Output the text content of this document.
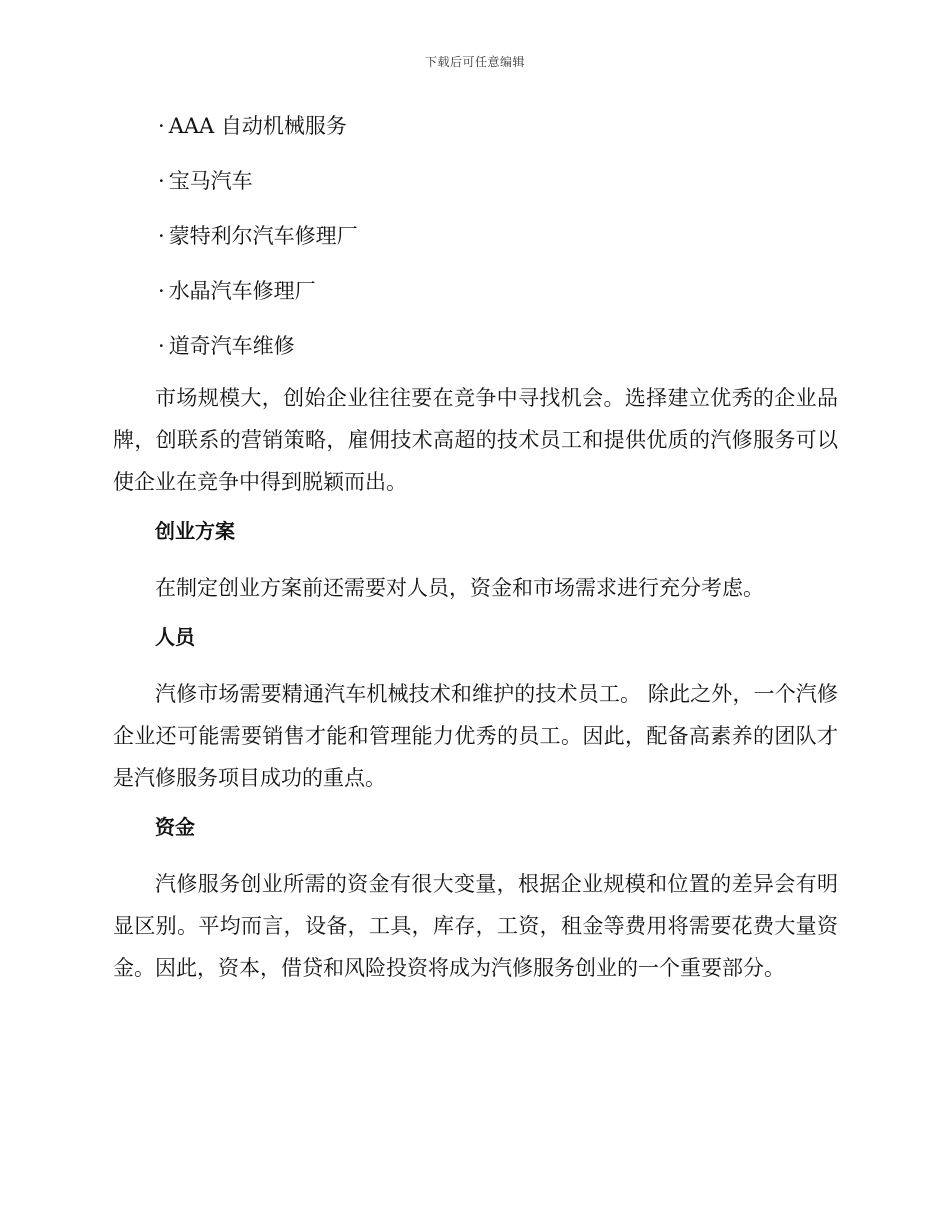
下载后可任意编辑
· AAA 自动机械服务
· 宝马汽车
· 蒙特利尔汽车修理厂
· 水晶汽车修理厂
· 道奇汽车维修

市场规模大，创始企业往往要在竞争中寻找机会。选择建立优秀的企业品牌，创联系的营销策略，雇佣技术高超的技术员工和提供优质的汽修服务可以使企业在竞争中得到脱颖而出。

创业方案

在制定创业方案前还需要对人员，资金和市场需求进行充分考虑。

人员

汽修市场需要精通汽车机械技术和维护的技术员工。 除此之外，一个汽修企业还可能需要销售才能和管理能力优秀的员工。因此，配备高素养的团队才是汽修服务项目成功的重点。

资金

汽修服务创业所需的资金有很大变量，根据企业规模和位置的差异会有明显区别。平均而言，设备，工具，库存，工资，租金等费用将需要花费大量资金。因此，资本，借贷和风险投资将成为汽修服务创业的一个重要部分。
